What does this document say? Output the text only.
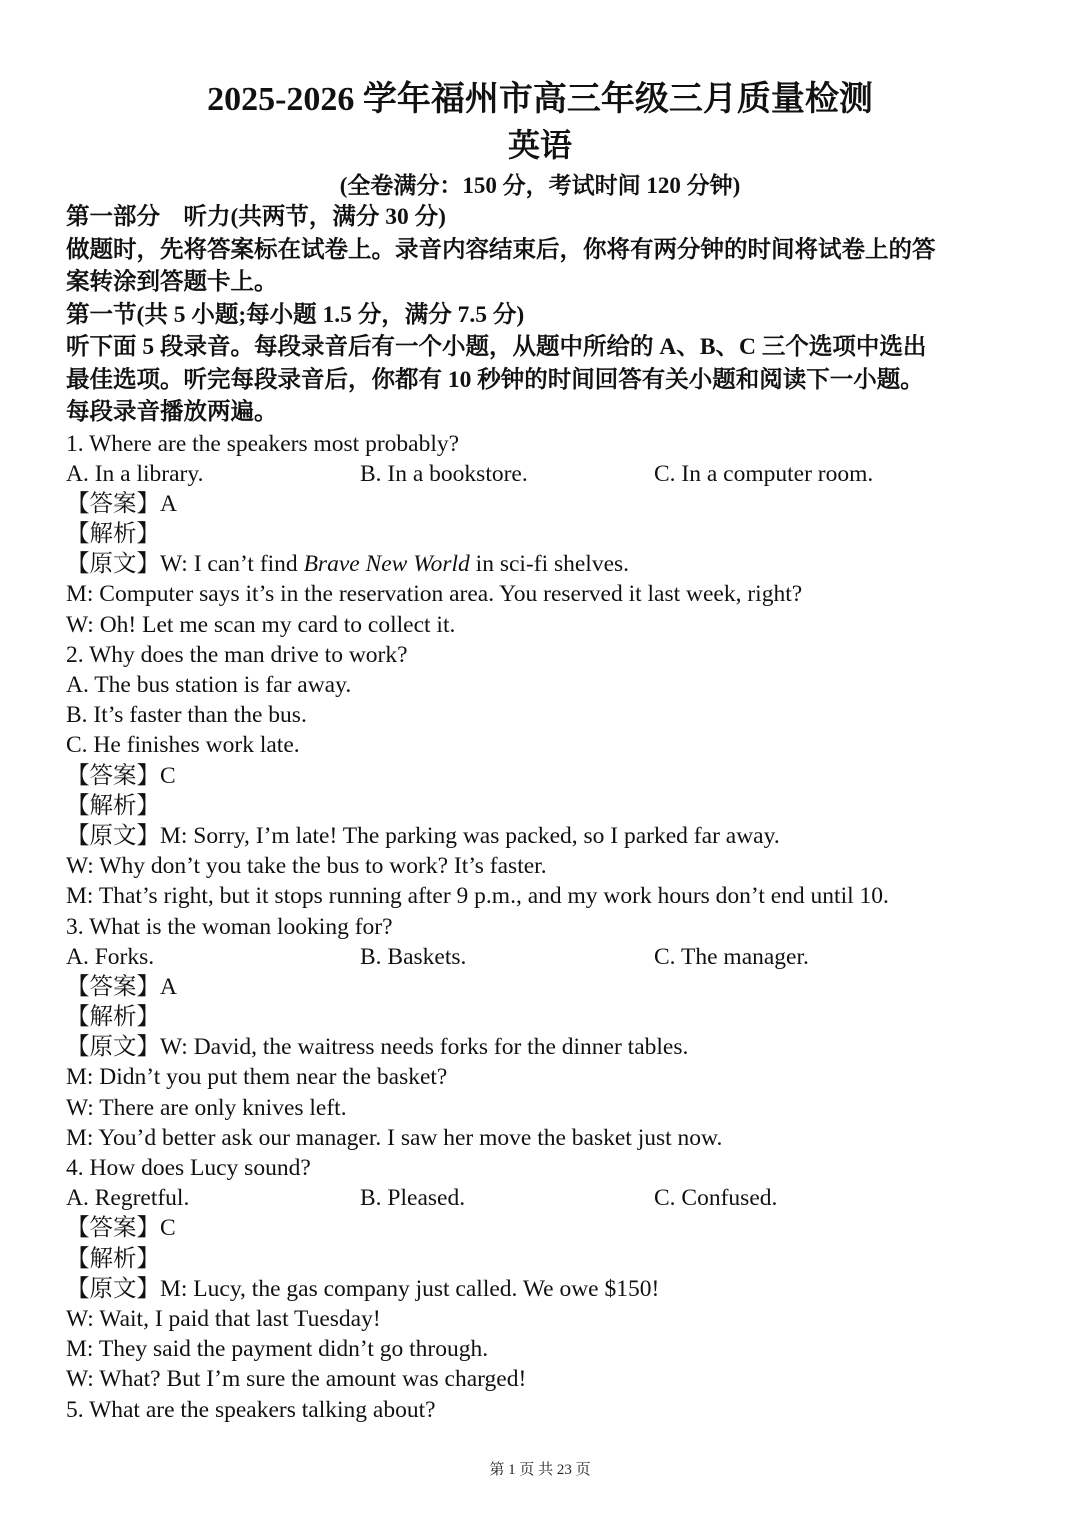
2025-2026 学年福州市高三年级三月质量检测
英语
(全卷满分：150 分，考试时间 120 分钟)
第一部分　听力(共两节，满分 30 分)
做题时，先将答案标在试卷上。录音内容结束后，你将有两分钟的时间将试卷上的答
案转涂到答题卡上。
第一节(共 5 小题;每小题 1.5 分，满分 7.5 分)
听下面 5 段录音。每段录音后有一个小题，从题中所给的 A、B、C 三个选项中选出
最佳选项。听完每段录音后，你都有 10 秒钟的时间回答有关小题和阅读下一小题。
每段录音播放两遍。
1. Where are the speakers most probably?
A. In a library.	B. In a bookstore.	C. In a computer room.
【答案】A
【解析】
【原文】W: I can’t find Brave New World in sci-fi shelves.
M: Computer says it’s in the reservation area. You reserved it last week, right?
W: Oh! Let me scan my card to collect it.
2. Why does the man drive to work?
A. The bus station is far away.
B. It’s faster than the bus.
C. He finishes work late.
【答案】C
【解析】
【原文】M: Sorry, I’m late! The parking was packed, so I parked far away.
W: Why don’t you take the bus to work? It’s faster.
M: That’s right, but it stops running after 9 p.m., and my work hours don’t end until 10.
3. What is the woman looking for?
A. Forks.	B. Baskets.	C. The manager.
【答案】A
【解析】
【原文】W: David, the waitress needs forks for the dinner tables.
M: Didn’t you put them near the basket?
W: There are only knives left.
M: You’d better ask our manager. I saw her move the basket just now.
4. How does Lucy sound?
A. Regretful.	B. Pleased.	C. Confused.
【答案】C
【解析】
【原文】M: Lucy, the gas company just called. We owe $150!
W: Wait, I paid that last Tuesday!
M: They said the payment didn’t go through.
W: What? But I’m sure the amount was charged!
5. What are the speakers talking about?
第 1 页 共 23 页
